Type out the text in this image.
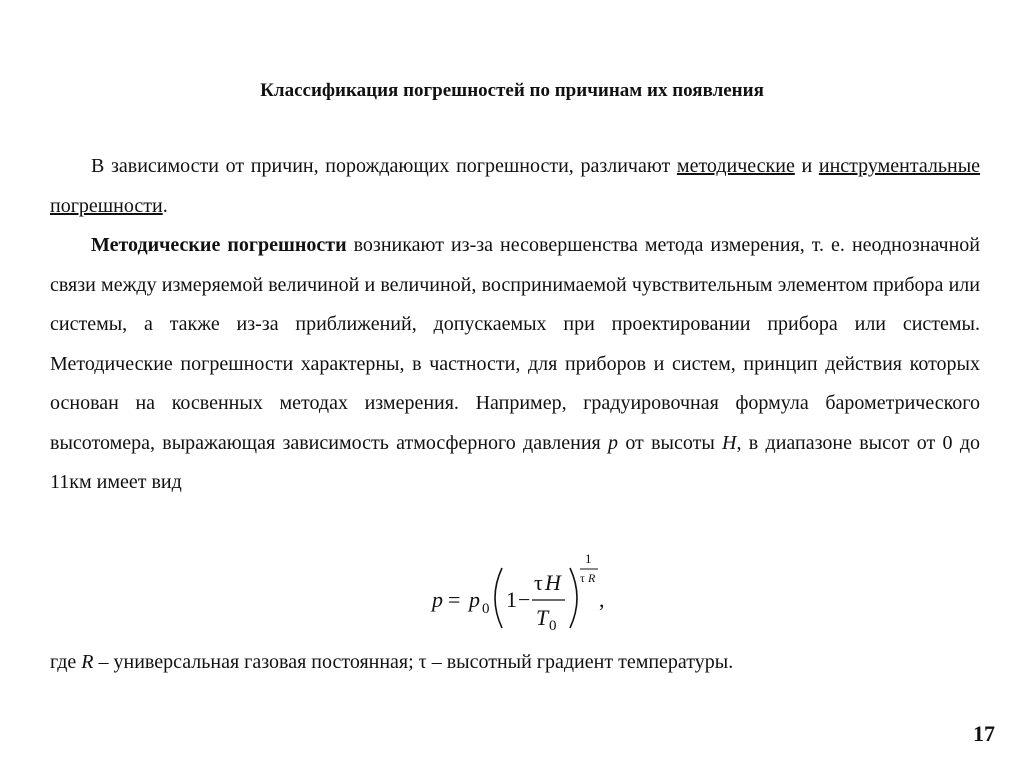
Классификация погрешностей по причинам их появления

В зависимости от причин, порождающих погрешности, различают методические и инструментальные погрешности.

Методические погрешности возникают из-за несовершенства метода измерения, т. е. неоднозначной связи между измеряемой величиной и величиной, воспринимаемой чувствительным элементом прибора или системы, а также из-за приближений, допускаемых при проектировании прибора или системы. Методические погрешности характерны, в частности, для приборов и систем, принцип действия которых основан на косвенных методах измерения. Например, градуировочная формула барометрического высотомера, выражающая зависимость атмосферного давления p от высоты H, в диапазоне высот от 0 до 11км имеет вид

p = p 0 1 −
τ H
T 0
1
τ R
,
где R – универсальная газовая постоянная; τ – высотный градиент температуры.
17
